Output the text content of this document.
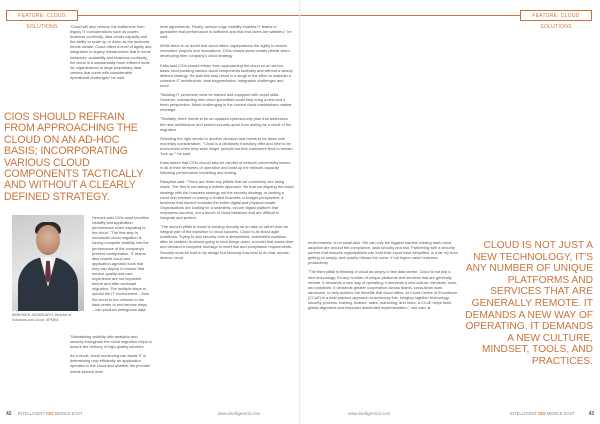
FEATURE: CLOUD SOLUTIONS	"Cloud will also remove the bottleneck from legacy IT considerations such as power, business continuity, data center capacity and the ability to scale up or down as the business needs dictate. Cloud offers a level of agility and integration to legacy infrastructure that in some instances, scalability and business continuity, the cloud is a substantially more efficient route for organizations to large proprietary data centers that come with considerable operational challenges" he said.

CIOS SHOULD REFRAIN FROM APPROACHING THE CLOUD ON AN AD-HOC BASIS; INCORPORATING VARIOUS CLOUD COMPONENTS TACTICALLY AND WITHOUT A CLEARLY DEFINED STRATEGY.
ABHISHEK JAGANNATH, Director of Solutions and Cloud, APMEA

Hemani said CIOs must prioritise visibility and application performance when migrating to the cloud. "The first step in successful cloud migration is having complete visibility into the performance of the company's present configuration. IT teams also require cloud and application-agnostic tools that they can deploy to ensure that service quality and user experience are not impacted before and after workload migration. The multiple steps to upload the IT environment – from the cloud to the network to the data centre to end service steps – can produce ambiguous data.

"Maintaining visibility with analytics and security throughout the cloud migration helps to ensure the delivery of high-quality services.

As a result, cloud monitoring can assist IT in determining how efficiently an application operates in the cloud and whether the provider meets service level

level agreements. Finally, service edge visibility enables IT teams to guarantee that performance is sufficient and that end users are satisfied," he said.

While there is no doubt that cloud offers organizations the agility to launch innovative projects and innovations, CIOs should avoid certain pitfalls when developing their company's cloud strategy.

Kalia said CIOs should refrain from approaching the cloud on an ad-hoc basis; incorporating various cloud components tactically and without a clearly defined strategy. He said this may result in a surge in the effort to maintain a cohesive IT architecture, data fragmentation, integration challenges and more.

"Building IT personnel must be trained and equipped with cloud skills. However, onboarding new cloud specialists could help bring a new and a fresh perspective. Albeit challenging in the current cloud marketplace market shortage.

"Similarly, there needs to be an updated cybersecurity plan that addresses the new architecture and protect security apart from aiming as a result of the migration.

Selecting the right vendor is another decision that needs to be taken with monetary consideration. "Cloud is a decisively transitory offer and time to be economical when they seek longer periods but that customers tend to remain 'lock up,'" he said.

Kalia added that CIOs should also be mindful of network connectivity issues in all of their territories of operation and build up the network capacity following performance modelling and testing.

Rampillai said: "There are three key pitfalls that we commonly see being made. The first is not taking a holistic approach. Be that not aligning the cloud strategy with the business strategy not the security strategy, or lacking a cloud first mindset or having a limited business or budget perspective, a business that doesn't consider the entire digital and physical estate. Organisations are looking for a seamless, secure digital platform that empowers success, not a bunch of cloud initiatives that are difficult to integrate and protect.

"The second pitfall to avoid is viewing security as an add-on rather than an integral part of the transition to cloud success. Cloud is all about agile workflows. Trying to add security onto a streamlined, automated workflow after its creation is almost going to slow things down, a model that saves time and demand a complete redesign to meet risk and compliance requirements. Security must be built-in by design but knowing how best to do that, across diverse cloud

42 INTELLIGENT CIO MIDDLE EAST	www.intelligentcio.com
FEATURE: CLOUD SOLUTIONS

environments, is no small task. We can only the biggest barriers holding back cloud adoption are around the compliance, data security and risk. Partnering with a security partner that ensures organizations can trust their cloud have simplified, is a far cry from getting so simply, and quickly follows the curve, if not higher value business productivity.

"The third pitfall is thinking of cloud as simply a new data centre. Cloud is not just a new technology; it's any number of unique platforms and services that are generally remote. It demands a new way of operating; it demands a new culture, mindsets, tools, and practices. It demands greater cooperation across teams, cross-team work structures, to help achieve the benefits that cloud offers. At Cloud Centre of Excellence (CCoE) is a best practice approach to achieving this, bringing together technology, security, process, training, finance, sales, marketing, and more, a CCoE helps build global alignment and empower distributed implementation," she said. ■

CLOUD IS NOT JUST A NEW TECHNOLOGY, IT'S ANY NUMBER OF UNIQUE PLATFORMS AND SERVICES THAT ARE GENERALLY REMOTE. IT DEMANDS A NEW WAY OF OPERATING. IT DEMANDS A NEW CULTURE, MINDSET, TOOLS, AND PRACTICES.
www.intelligentcio.com	INTELLIGENT CIO MIDDLE EAST	43
